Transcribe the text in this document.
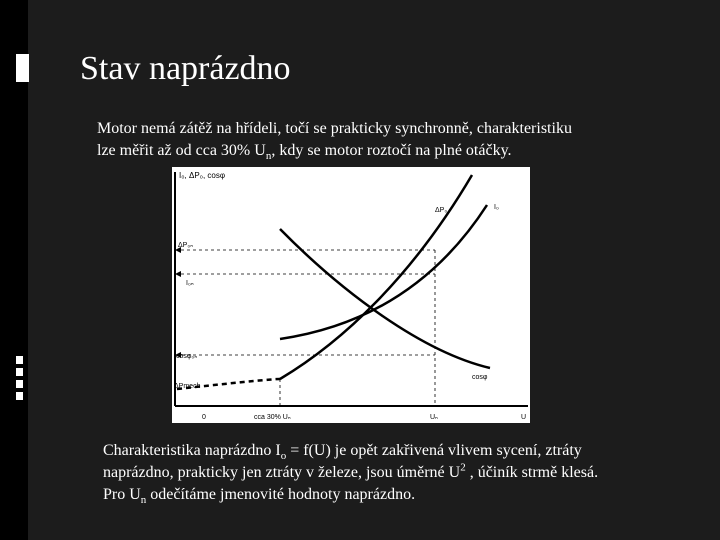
Stav naprázdno
Motor nemá zátěž na hřídeli, točí se prakticky synchronně, charakteristiku
lze měřit až od cca 30% $U_n$, kdy se motor roztočí na plné otáčky.
I₀, ΔP₀, cosφ
ΔP₀ₙ
I₀ₙ
cosφ₀ₙ
ΔPmech
0	cca 30% Uₙ	Uₙ	U
ΔP₀	I₀
cosφ
Charakteristika naprázdno $I_o = f(U)$ je opět zakřivená vlivem sycení, ztráty
naprázdno, prakticky jen ztráty v železe, jsou úměrné $U^2$ , účiník strmě klesá.
Pro $U_n$ odečítáme jmenovité hodnoty naprázdno.
